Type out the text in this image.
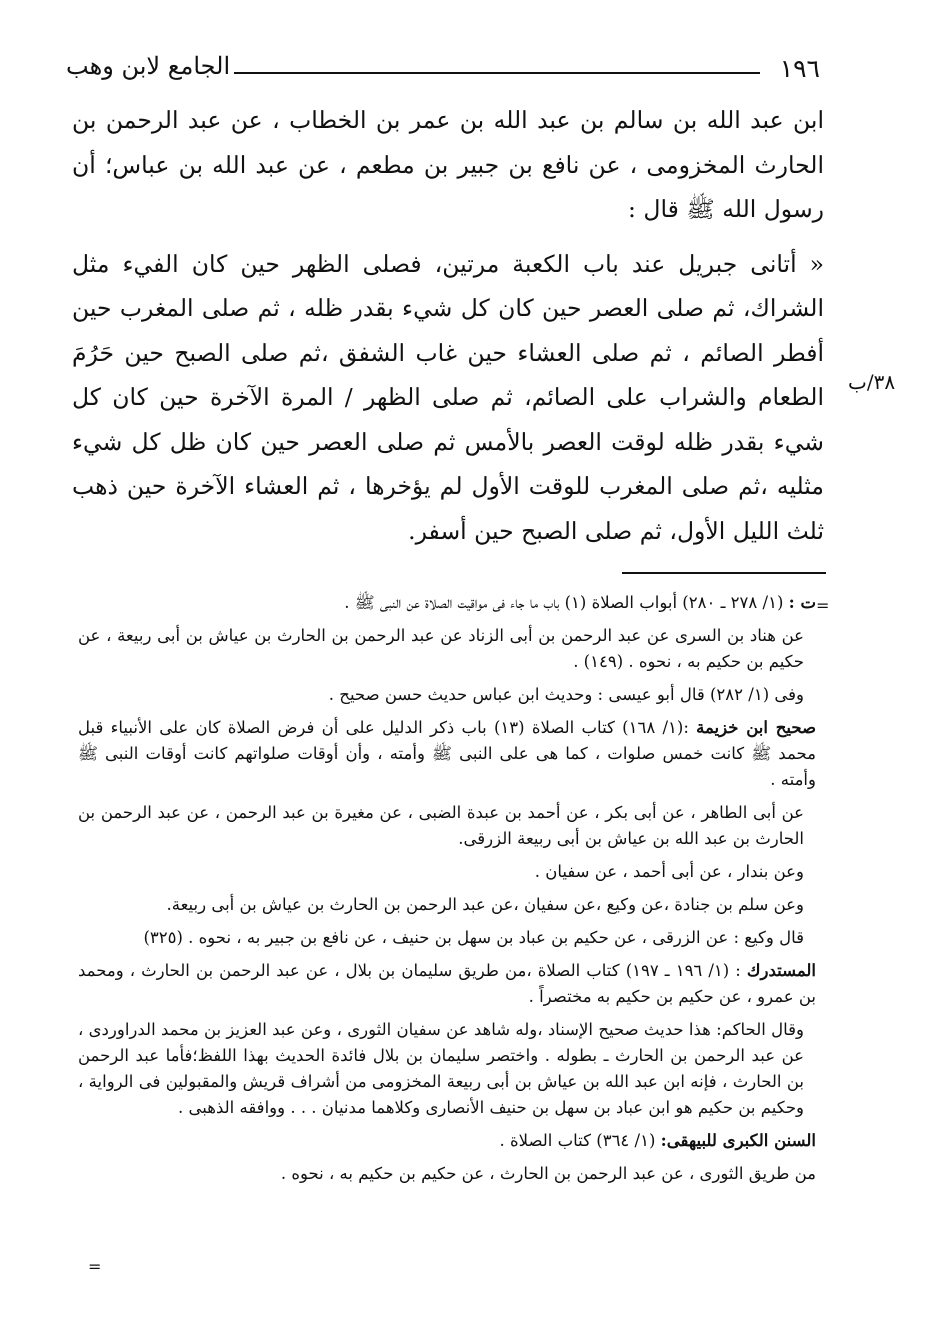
١٩٦
الجامع لابن وهب

ابن عبد الله بن سالم بن عبد الله بن عمر بن الخطاب ، عن عبد الرحمن بن الحارث المخزومى ، عن نافع بن جبير بن مطعم ، عن عبد الله بن عباس؛ أن رسول الله ﷺ قال :

« أتانى جبريل عند باب الكعبة مرتين، فصلى الظهر حين كان الفيء مثل الشراك، ثم صلى العصر حين كان كل شيء بقدر ظله ، ثم صلى المغرب حين أفطر الصائم ، ثم صلى العشاء حين غاب الشفق ،ثم صلى الصبح حين حَرُمَ الطعام والشراب على الصائم، ثم صلى الظهر / المرة الآخرة حين كان كل شيء بقدر ظله لوقت العصر بالأمس ثم صلى العصر حين كان ظل كل شيء مثليه ،ثم صلى المغرب للوقت الأول لم يؤخرها ، ثم العشاء الآخرة حين ذهب ثلث الليل الأول، ثم صلى الصبح حين أسفر.

٣٨/ب
=
=

ت : (١/ ٢٧٨ ـ ٢٨٠) أبواب الصلاة (١) باب ما جاء فى مواقيت الصلاة عن النبى ﷺ .

عن هناد بن السرى عن عبد الرحمن بن أبى الزناد عن عبد الرحمن بن الحارث بن عياش بن أبى ربيعة ، عن حكيم بن حكيم به ، نحوه . (١٤٩) .

وفى (١/ ٢٨٢) قال أبو عيسى : وحديث ابن عباس حديث حسن صحيح .

صحيح ابن خزيمة :(١/ ١٦٨) كتاب الصلاة (١٣) باب ذكر الدليل على أن فرض الصلاة كان على الأنبياء قبل محمد ﷺ كانت خمس صلوات ، كما هى على النبى ﷺ وأمته ، وأن أوقات صلواتهم كانت أوقات النبى ﷺ وأمته .

عن أبى الطاهر ، عن أبى بكر ، عن أحمد بن عبدة الضبى ، عن مغيرة بن عبد الرحمن ، عن عبد الرحمن بن الحارث بن عبد الله بن عياش بن أبى ربيعة الزرقى.

وعن بندار ، عن أبى أحمد ، عن سفيان .

وعن سلم بن جنادة ،عن وكيع ،عن سفيان ،عن عبد الرحمن بن الحارث بن عياش بن أبى ربيعة.

قال وكيع : عن الزرقى ، عن حكيم بن عباد بن سهل بن حنيف ، عن نافع بن جبير به ، نحوه . (٣٢٥)

المستدرك : (١/ ١٩٦ ـ ١٩٧) كتاب الصلاة ،من طريق سليمان بن بلال ، عن عبد الرحمن بن الحارث ، ومحمد بن عمرو ، عن حكيم بن حكيم به مختصراً .

وقال الحاكم: هذا حديث صحيح الإسناد ،وله شاهد عن سفيان الثورى ، وعن عبد العزيز بن محمد الدراوردى ، عن عبد الرحمن بن الحارث ـ بطوله . واختصر سليمان بن بلال فائدة الحديث بهذا اللفظ؛فأما عبد الرحمن بن الحارث ، فإنه ابن عبد الله بن عياش بن أبى ربيعة المخزومى من أشراف قريش والمقبولين فى الرواية ، وحكيم بن حكيم هو ابن عباد بن سهل بن حنيف الأنصارى وكلاهما مدنيان . . . ووافقه الذهبى .

السنن الكبرى للبيهقى: (١/ ٣٦٤) كتاب الصلاة .

من طريق الثورى ، عن عبد الرحمن بن الحارث ، عن حكيم بن حكيم به ، نحوه .
